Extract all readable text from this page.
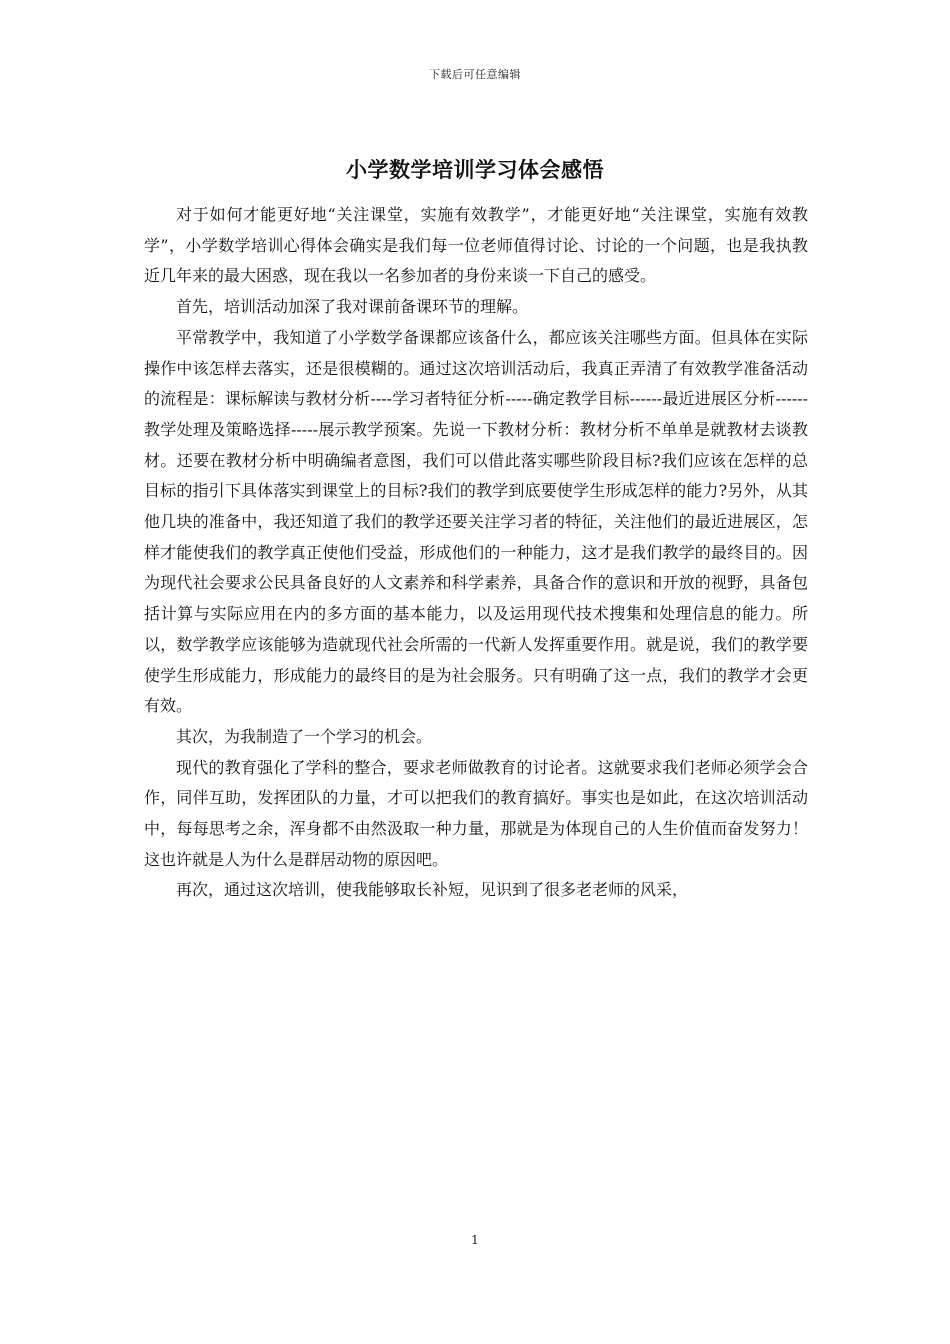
下载后可任意编辑
小学数学培训学习体会感悟

对于如何才能更好地“关注课堂，实施有效教学”，才能更好地“关注课堂，实施有效教学”，小学数学培训心得体会确实是我们每一位老师值得讨论、讨论的一个问题，也是我执教近几年来的最大困惑，现在我以一名参加者的身份来谈一下自己的感受。

首先，培训活动加深了我对课前备课环节的理解。

平常教学中，我知道了小学数学备课都应该备什么，都应该关注哪些方面。但具体在实际操作中该怎样去落实，还是很模糊的。通过这次培训活动后，我真正弄清了有效教学准备活动的流程是：课标解读与教材分析----学习者特征分析-----确定教学目标------最近进展区分析------教学处理及策略选择-----展示教学预案。先说一下教材分析：教材分析不单单是就教材去谈教材。还要在教材分析中明确编者意图，我们可以借此落实哪些阶段目标?我们应该在怎样的总目标的指引下具体落实到课堂上的目标?我们的教学到底要使学生形成怎样的能力?另外，从其他几块的准备中，我还知道了我们的教学还要关注学习者的特征，关注他们的最近进展区，怎样才能使我们的教学真正使他们受益，形成他们的一种能力，这才是我们教学的最终目的。因为现代社会要求公民具备良好的人文素养和科学素养，具备合作的意识和开放的视野，具备包括计算与实际应用在内的多方面的基本能力，以及运用现代技术搜集和处理信息的能力。所以，数学教学应该能够为造就现代社会所需的一代新人发挥重要作用。就是说，我们的教学要使学生形成能力，形成能力的最终目的是为社会服务。只有明确了这一点，我们的教学才会更有效。

其次，为我制造了一个学习的机会。

现代的教育强化了学科的整合，要求老师做教育的讨论者。这就要求我们老师必须学会合作，同伴互助，发挥团队的力量，才可以把我们的教育搞好。事实也是如此，在这次培训活动中，每每思考之余，浑身都不由然汲取一种力量，那就是为体现自己的人生价值而奋发努力！这也许就是人为什么是群居动物的原因吧。

再次，通过这次培训，使我能够取长补短，见识到了很多老老师的风采，

1
